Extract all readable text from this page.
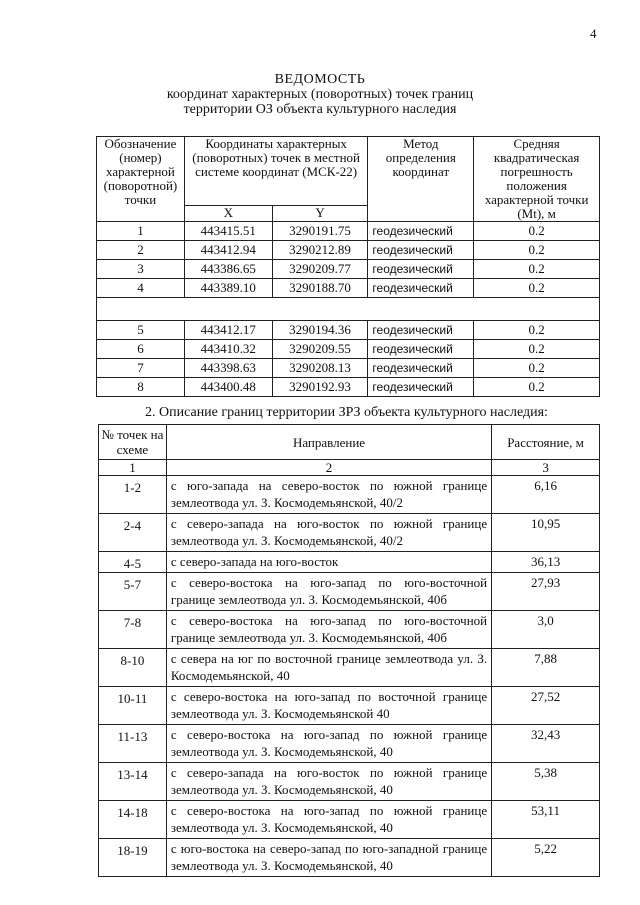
4
ВЕДОМОСТЬ
координат характерных (поворотных) точек границ
территории ОЗ объекта культурного наследия
Обозначение (номер) характерной (поворотной) точки	Координаты характерных (поворотных) точек в местной системе координат (МСК-22)		Метод определения координат	Средняя квадратическая погрешность положения характерной точки (Mt), м
	X	Y		
1	443415.51	3290191.75	геодезический	0.2
2	443412.94	3290212.89	геодезический	0.2
3	443386.65	3290209.77	геодезический	0.2
4	443389.10	3290188.70	геодезический	0.2

5	443412.17	3290194.36	геодезический	0.2
6	443410.32	3290209.55	геодезический	0.2
7	443398.63	3290208.13	геодезический	0.2
8	443400.48	3290192.93	геодезический	0.2
2. Описание границ территории ЗРЗ объекта культурного наследия:
№ точек на схеме	Направление	Расстояние, м
1	2	3
1-2	с юго-запада на северо-восток по южной границе землеотвода ул. З. Космодемьянской, 40/2	6,16
2-4	с северо-запада на юго-восток по южной границе землеотвода ул. З. Космодемьянской, 40/2	10,95
4-5	с северо-запада на юго-восток	36,13
5-7	с северо-востока на юго-запад по юго-восточной границе землеотвода ул. З. Космодемьянской, 40б	27,93
7-8	с северо-востока на юго-запад по юго-восточной границе землеотвода ул. З. Космодемьянской, 40б	3,0
8-10	с севера на юг по восточной границе землеотвода ул. З. Космодемьянской, 40	7,88
10-11	с северо-востока на юго-запад по восточной границе землеотвода ул. З. Космодемьянской 40	27,52
11-13	с северо-востока на юго-запад по южной границе землеотвода ул. З. Космодемьянской, 40	32,43
13-14	с северо-запада на юго-восток по южной границе землеотвода ул. З. Космодемьянской, 40	5,38
14-18	с северо-востока на юго-запад по южной границе землеотвода ул. З. Космодемьянской, 40	53,11
18-19	с юго-востока на северо-запад по юго-западной границе землеотвода ул. З. Космодемьянской, 40	5,22
